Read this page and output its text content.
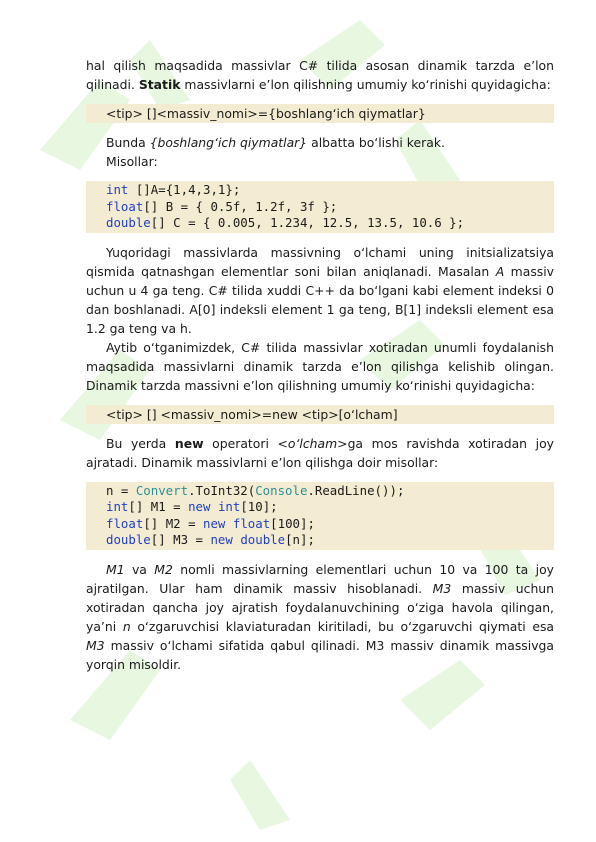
hal qilish maqsadida massivlar C# tilida asosan dinamik tarzda e’lon qilinadi. Statik massivlarni e’lon qilishning umumiy ko‘rinishi quyidagicha:

<tip> []<massiv_nomi>={boshlang‘ich qiymatlar}

Bunda {boshlang‘ich qiymatlar} albatta bo‘lishi kerak.

Misollar:

int []A={1,4,3,1};
float[] B = { 0.5f, 1.2f, 3f };
double[] C = { 0.005, 1.234, 12.5, 13.5, 10.6 };

Yuqoridagi massivlarda massivning o‘lchami uning initsializatsiya qismida qatnashgan elementlar soni bilan aniqlanadi. Masalan A massiv uchun u 4 ga teng. C# tilida xuddi C++ da bo‘lgani kabi element indeksi 0 dan boshlanadi. A[0] indeksli element 1 ga teng, B[1] indeksli element esa 1.2 ga teng va h.

Aytib o‘tganimizdek, C# tilida massivlar xotiradan unumli foydalanish maqsadida massivlarni dinamik tarzda e’lon qilishga kelishib olingan. Dinamik tarzda massivni e’lon qilishning umumiy ko‘rinishi quyidagicha:

<tip> [] <massiv_nomi>=new <tip>[o‘lcham]

Bu yerda new operatori <o‘lcham>ga mos ravishda xotiradan joy ajratadi. Dinamik massivlarni e’lon qilishga doir misollar:

n = Convert.ToInt32(Console.ReadLine());
int[] M1 = new int[10];
float[] M2 = new float[100];
double[] M3 = new double[n];

M1 va M2 nomli massivlarning elementlari uchun 10 va 100 ta joy ajratilgan. Ular ham dinamik massiv hisoblanadi. M3 massiv uchun xotiradan qancha joy ajratish foydalanuvchining o‘ziga havola qilingan, ya’ni n o‘zgaruvchisi klaviaturadan kiritiladi, bu o‘zgaruvchi qiymati esa M3 massiv o‘lchami sifatida qabul qilinadi. M3 massiv dinamik massivga yorqin misoldir.
